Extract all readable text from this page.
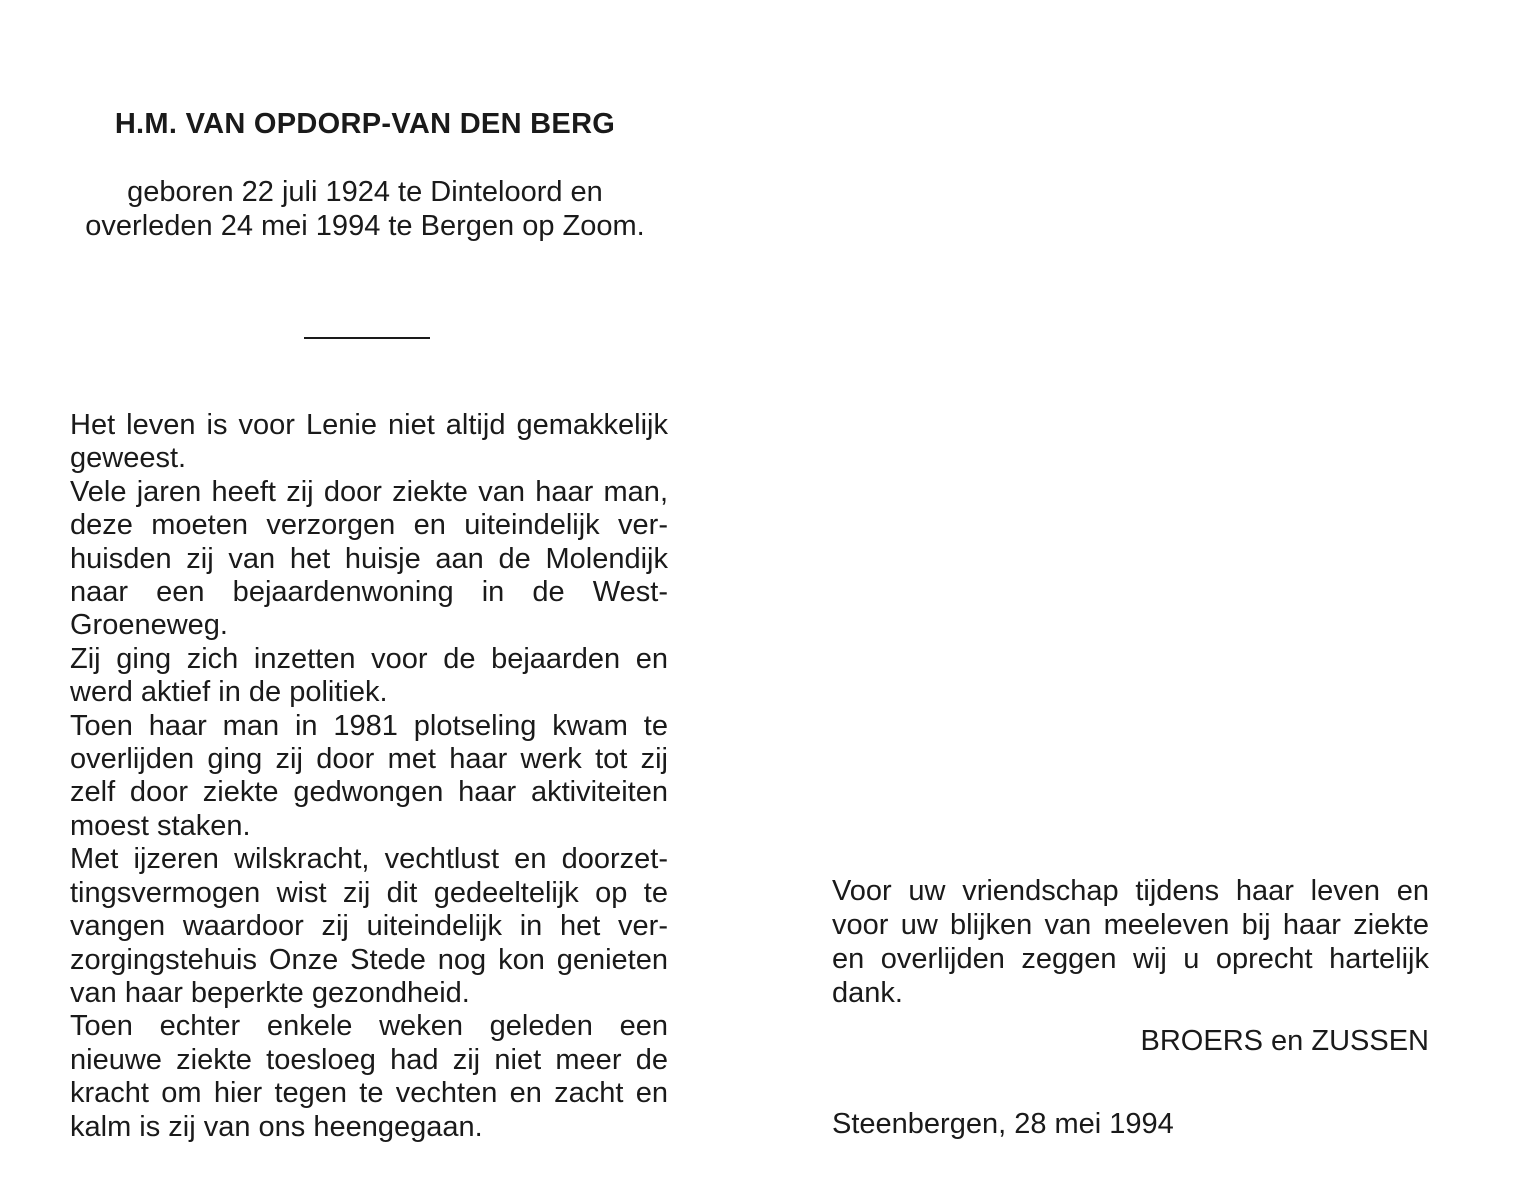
H.M. VAN OPDORP-VAN DEN BERG
geboren 22 juli 1924 te Dinteloord en
overleden 24 mei 1994 te Bergen op Zoom.

Het leven is voor Lenie niet altijd gemakkelijk geweest.

Vele jaren heeft zij door ziekte van haar man, deze moeten verzorgen en uiteindelijk verhuisden zij van het huisje aan de Molendijk naar een bejaardenwoning in de West-Groeneweg.

Zij ging zich inzetten voor de bejaarden en werd aktief in de politiek.

Toen haar man in 1981 plotseling kwam te overlijden ging zij door met haar werk tot zij zelf door ziekte gedwongen haar aktiviteiten moest staken.

Met ijzeren wilskracht, vechtlust en doorzettingsvermogen wist zij dit gedeeltelijk op te vangen waardoor zij uiteindelijk in het verzorgingstehuis Onze Stede nog kon genieten van haar beperkte gezondheid.

Toen echter enkele weken geleden een nieuwe ziekte toesloeg had zij niet meer de kracht om hier tegen te vechten en zacht en kalm is zij van ons heengegaan.

Voor uw vriendschap tijdens haar leven en voor uw blijken van meeleven bij haar ziekte en overlijden zeggen wij u oprecht hartelijk dank.
BROERS en ZUSSEN
Steenbergen, 28 mei 1994
